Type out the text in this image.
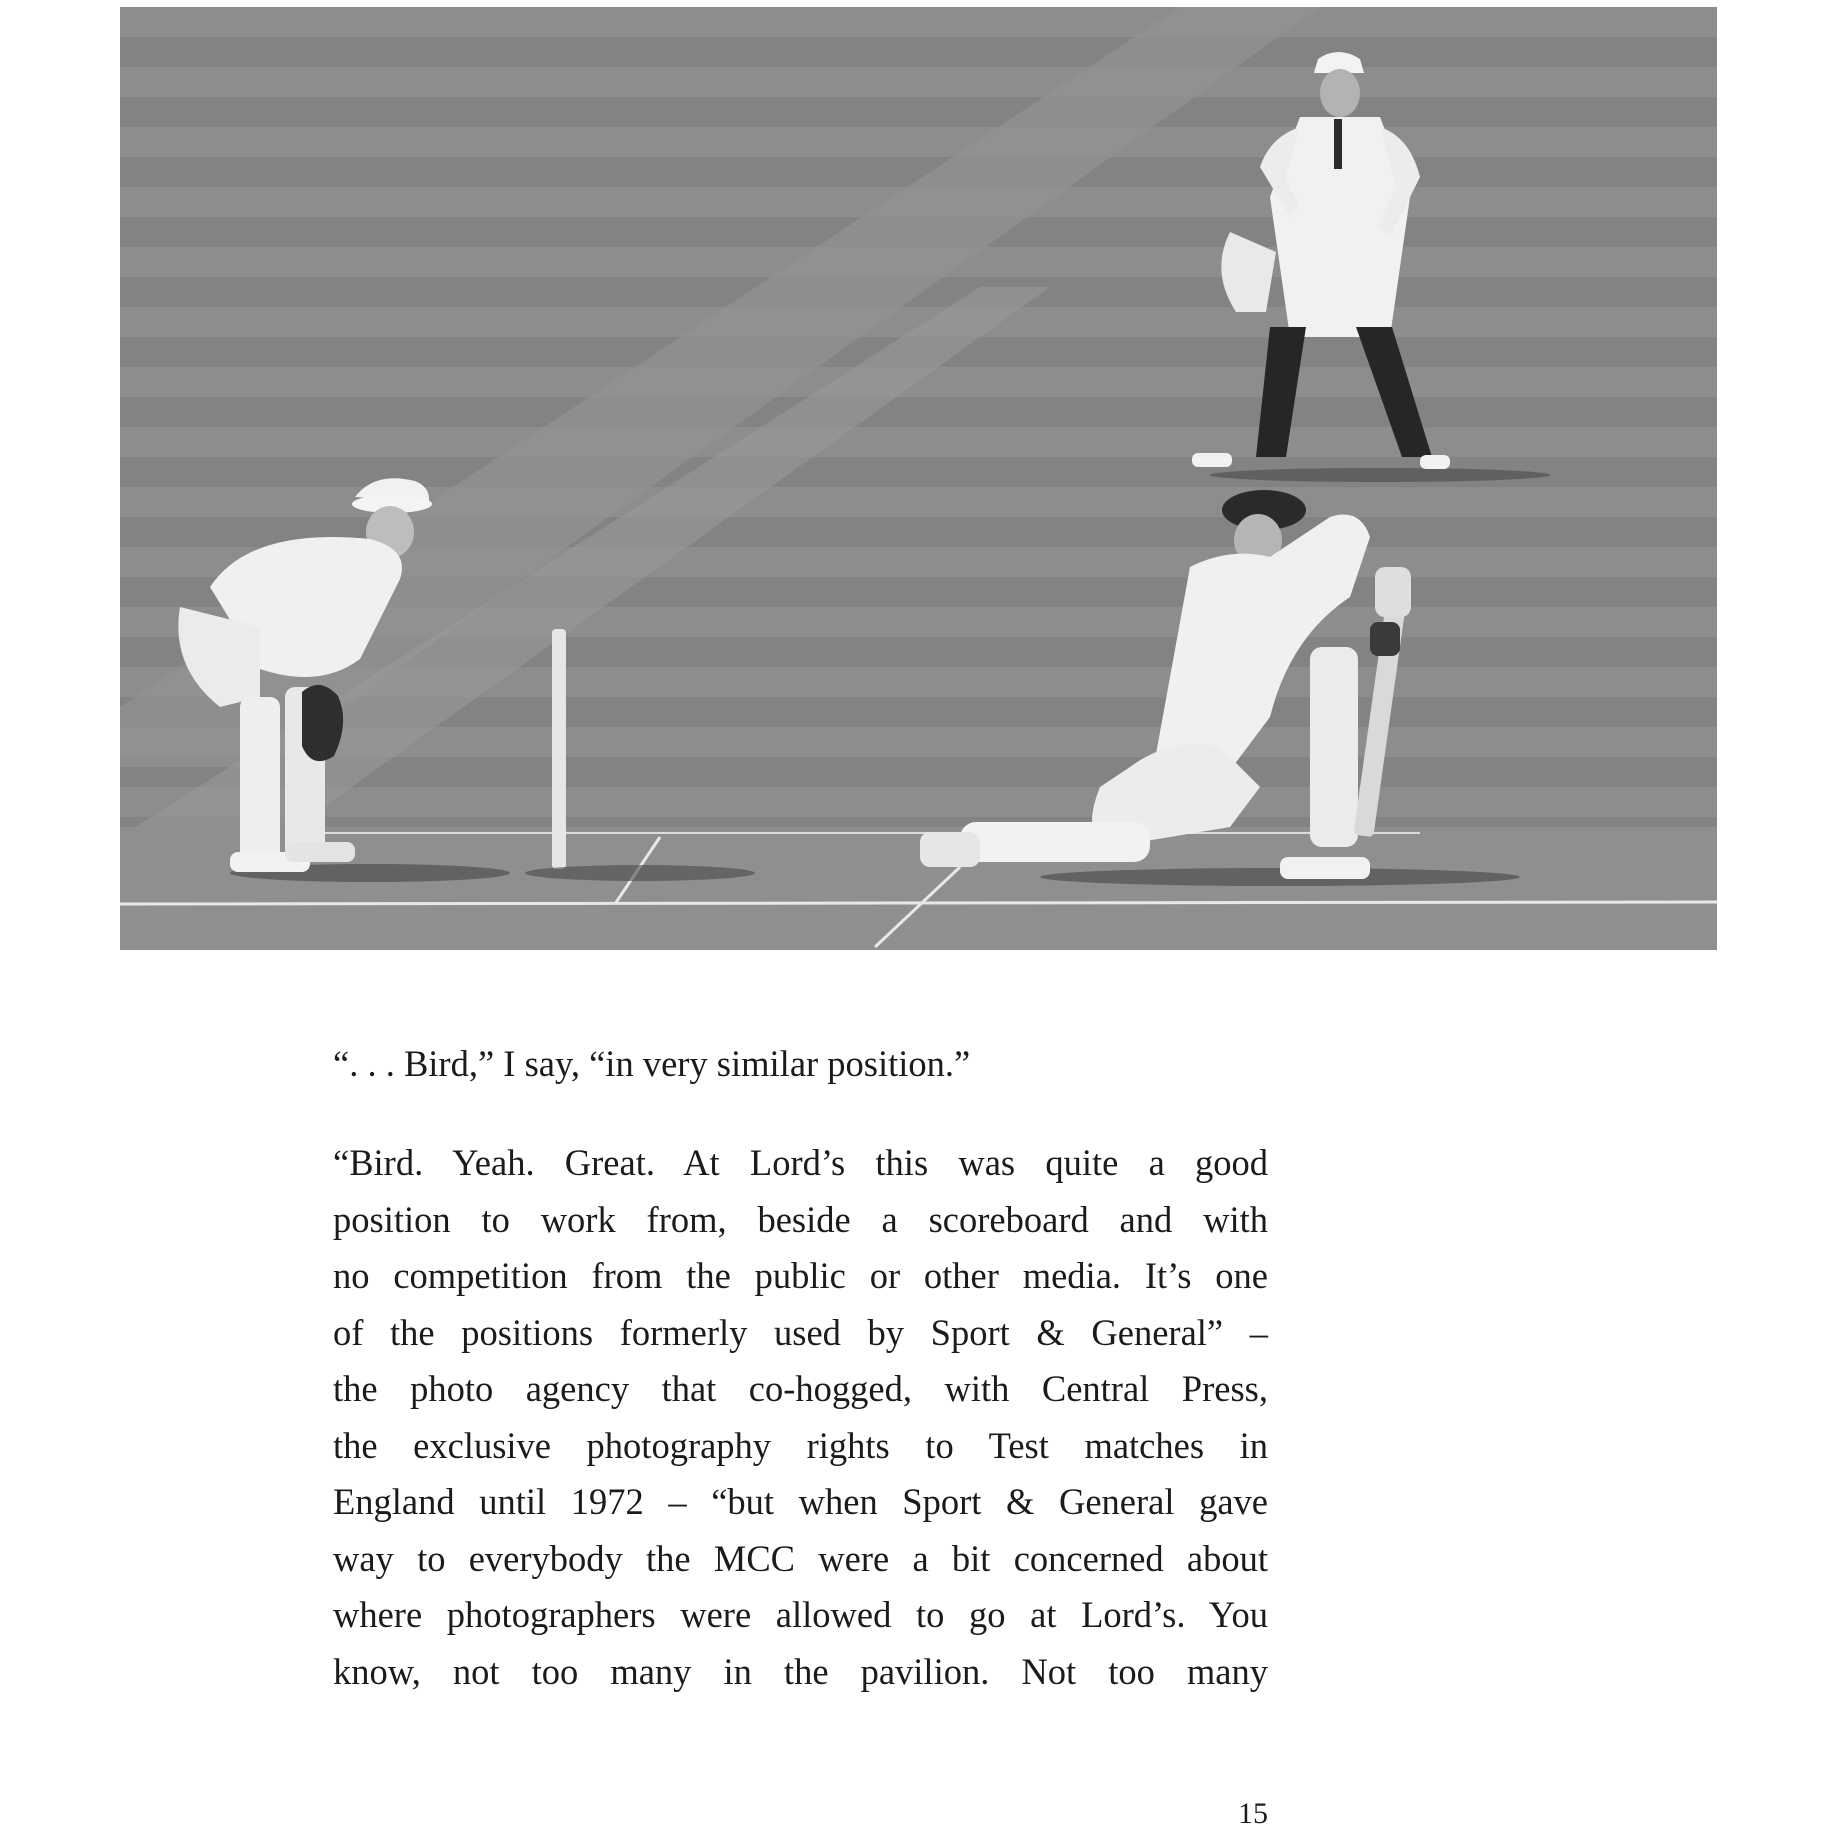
“. . . Bird,” I say, “in very similar position.”
“Bird. Yeah. Great. At Lord’s this was quite a good
position to work from, beside a scoreboard and with
no competition from the public or other media. It’s one
of the positions formerly used by Sport & General” –
the photo agency that co-hogged, with Central Press,
the exclusive photography rights to Test matches in
England until 1972 – “but when Sport & General gave
way to everybody the MCC were a bit concerned about
where photographers were allowed to go at Lord’s. You
know, not too many in the pavilion. Not too many
15
